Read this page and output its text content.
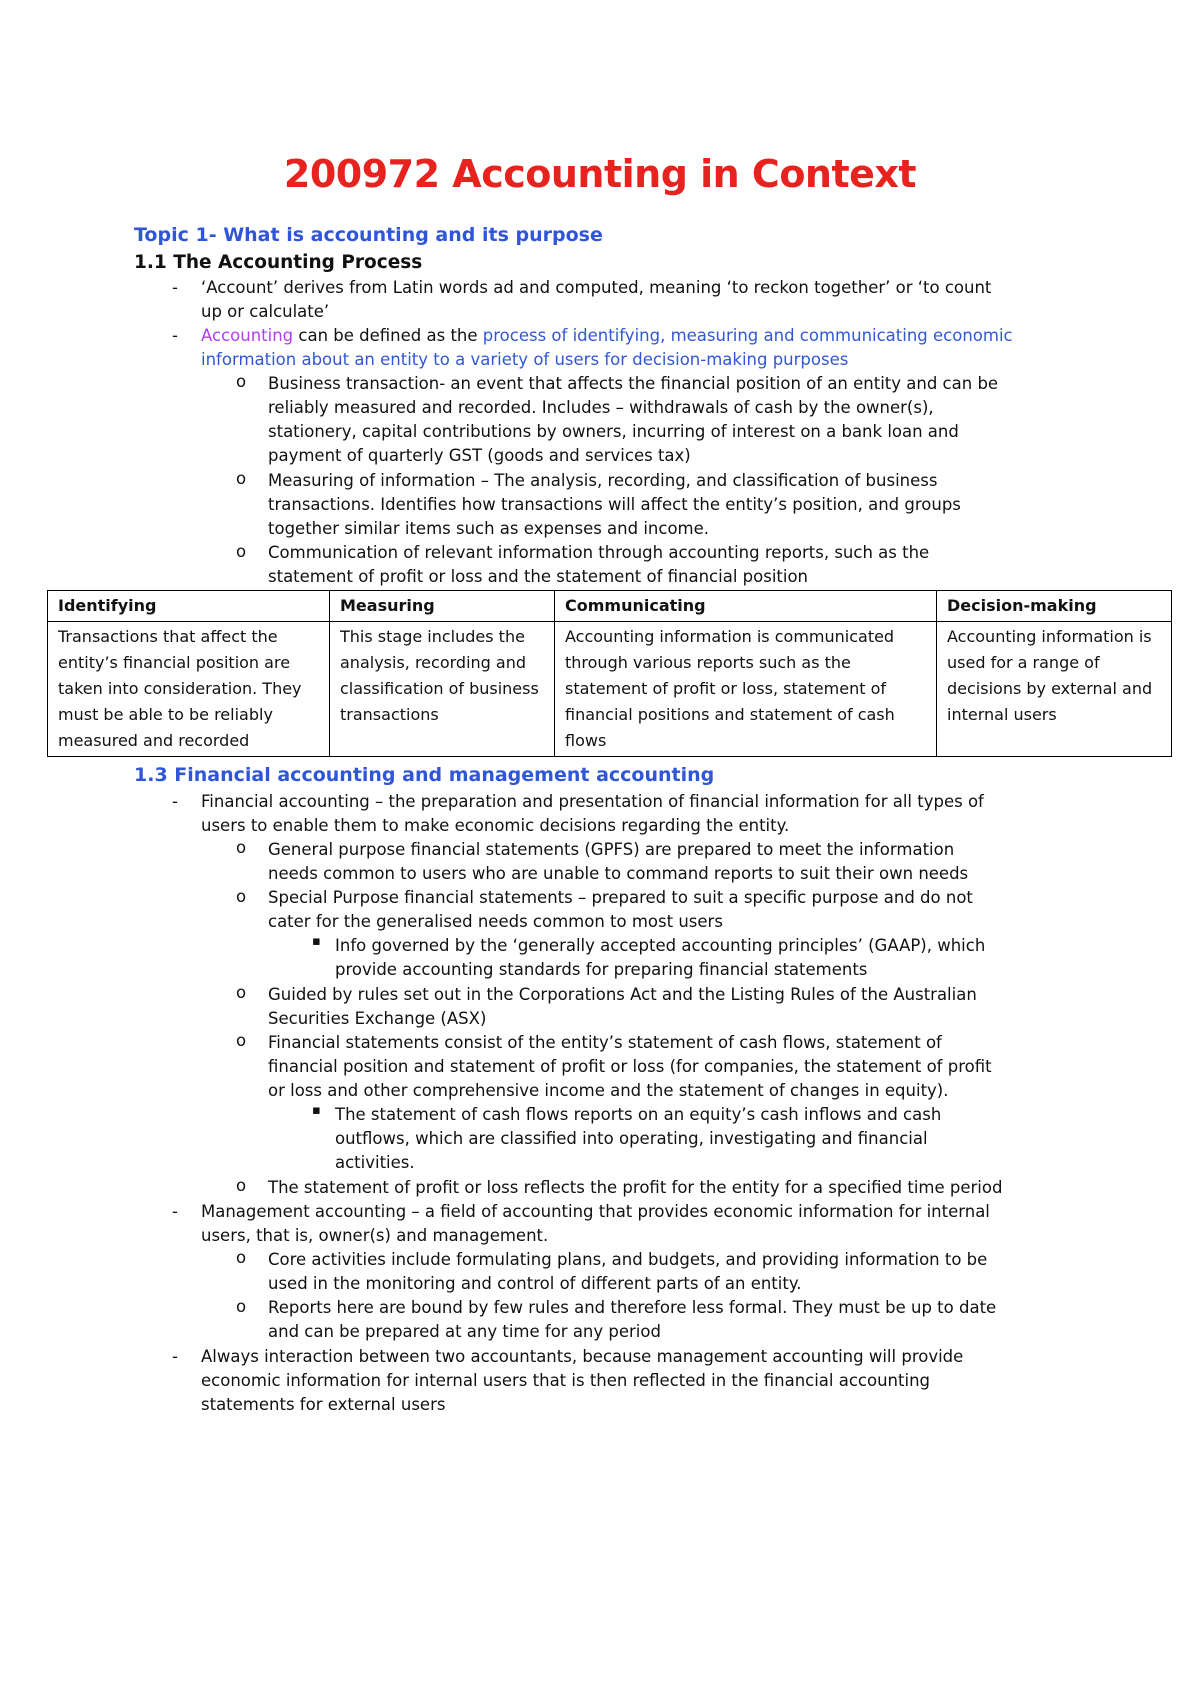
200972 Accounting in Context
Topic 1- What is accounting and its purpose
1.1 The Accounting Process
- ‘Account’ derives from Latin words ad and computed, meaning ‘to reckon together’ or ‘to count
up or calculate’
- Accounting can be defined as the process of identifying, measuring and communicating economic
information about an entity to a variety of users for decision-making purposes
o Business transaction- an event that affects the financial position of an entity and can be
reliably measured and recorded. Includes – withdrawals of cash by the owner(s),
stationery, capital contributions by owners, incurring of interest on a bank loan and
payment of quarterly GST (goods and services tax)
o Measuring of information – The analysis, recording, and classification of business
transactions. Identifies how transactions will affect the entity’s position, and groups
together similar items such as expenses and income.
o Communication of relevant information through accounting reports, such as the
statement of profit or loss and the statement of financial position
Identifying	Measuring	Communicating	Decision-making
Transactions that affect the entity’s financial position are taken into consideration. They must be able to be reliably measured and recorded	This stage includes the analysis, recording and classification of business transactions	Accounting information is communicated through various reports such as the statement of profit or loss, statement of financial positions and statement of cash flows	Accounting information is used for a range of decisions by external and internal users
1.3 Financial accounting and management accounting
- Financial accounting – the preparation and presentation of financial information for all types of
users to enable them to make economic decisions regarding the entity.
o General purpose financial statements (GPFS) are prepared to meet the information
needs common to users who are unable to command reports to suit their own needs
o Special Purpose financial statements – prepared to suit a specific purpose and do not
cater for the generalised needs common to most users
▪ Info governed by the ‘generally accepted accounting principles’ (GAAP), which
provide accounting standards for preparing financial statements
o Guided by rules set out in the Corporations Act and the Listing Rules of the Australian
Securities Exchange (ASX)
o Financial statements consist of the entity’s statement of cash flows, statement of
financial position and statement of profit or loss (for companies, the statement of profit
or loss and other comprehensive income and the statement of changes in equity).
▪ The statement of cash flows reports on an equity’s cash inflows and cash
outflows, which are classified into operating, investigating and financial
activities.
o The statement of profit or loss reflects the profit for the entity for a specified time period
- Management accounting – a field of accounting that provides economic information for internal
users, that is, owner(s) and management.
o Core activities include formulating plans, and budgets, and providing information to be
used in the monitoring and control of different parts of an entity.
o Reports here are bound by few rules and therefore less formal. They must be up to date
and can be prepared at any time for any period
- Always interaction between two accountants, because management accounting will provide
economic information for internal users that is then reflected in the financial accounting
statements for external users
